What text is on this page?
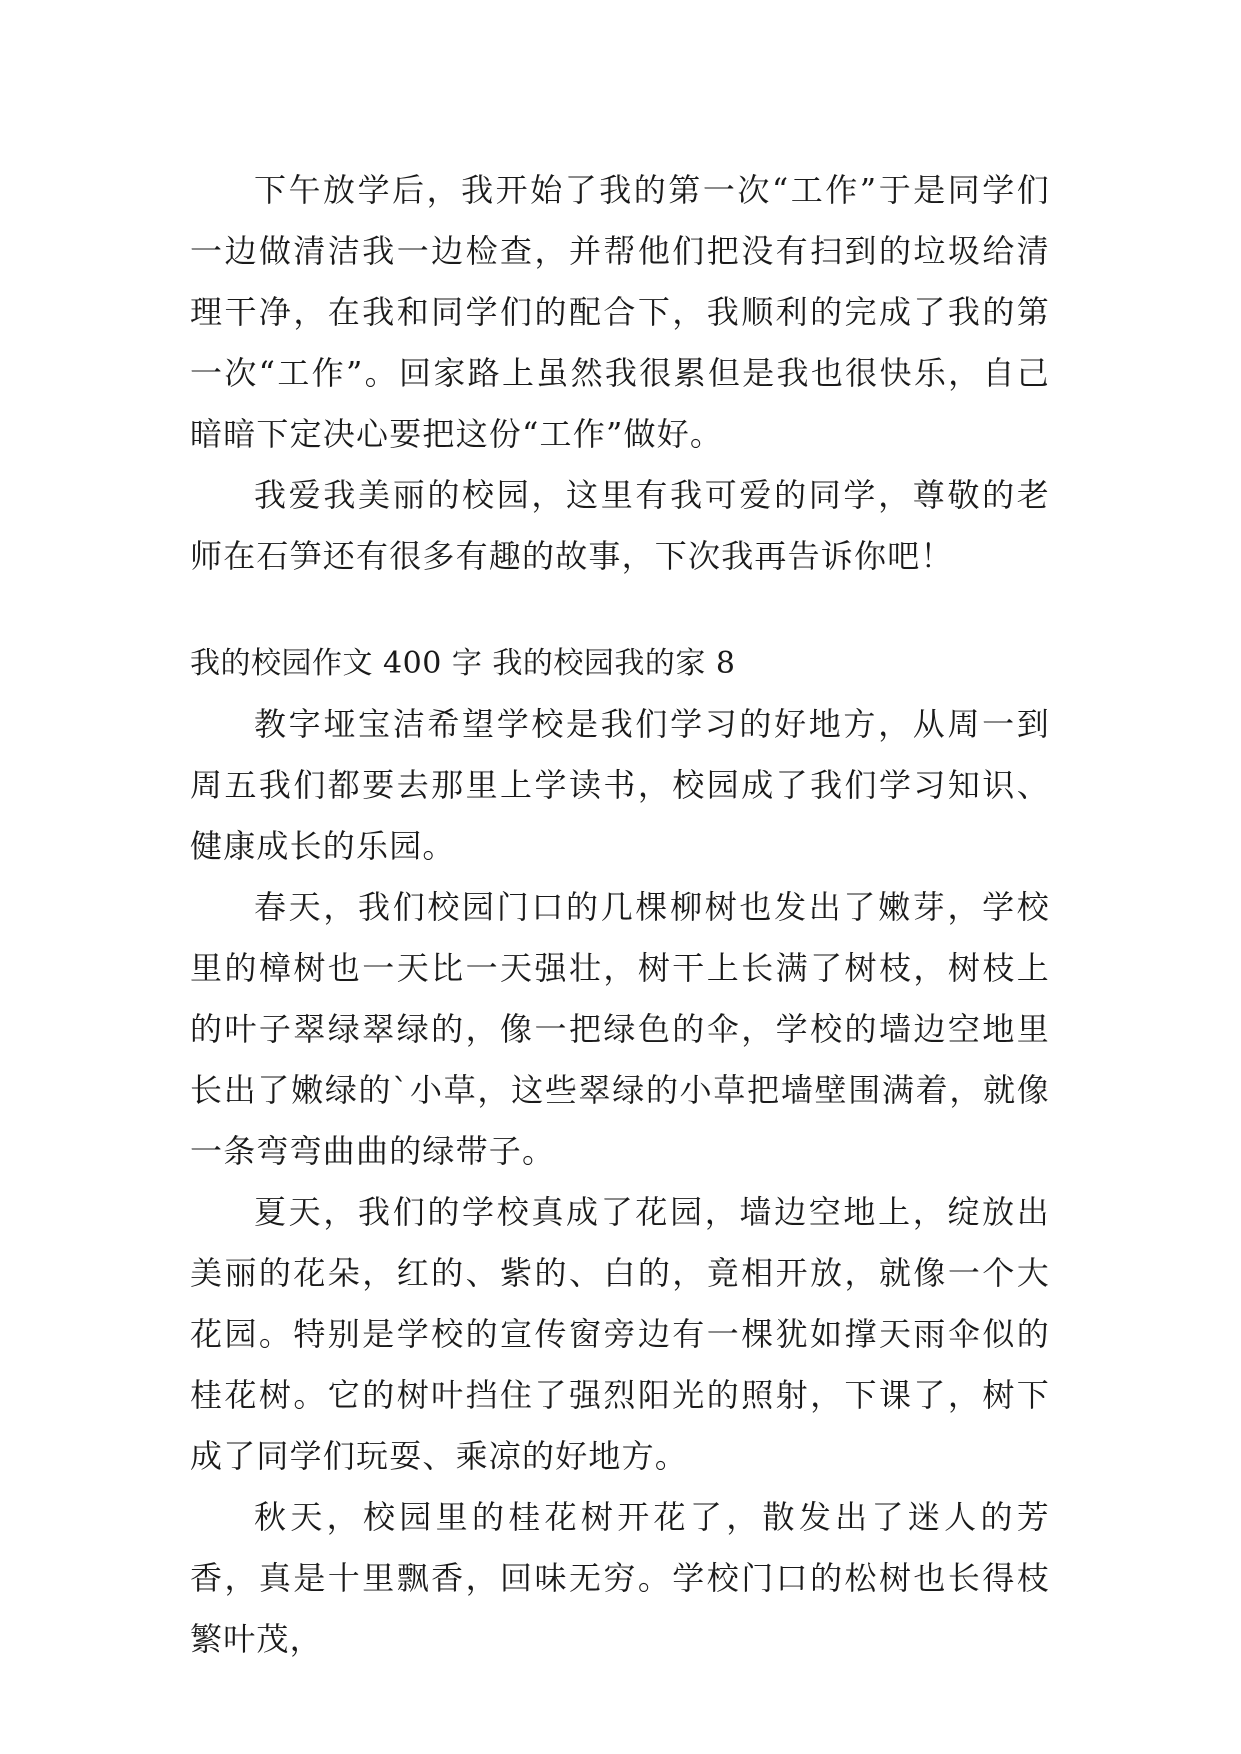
下午放学后，我开始了我的第一次“工作”于是同学们一边做清洁我一边检查，并帮他们把没有扫到的垃圾给清理干净，在我和同学们的配合下，我顺利的完成了我的第一次“工作”。回家路上虽然我很累但是我也很快乐，自己暗暗下定决心要把这份“工作”做好。

我爱我美丽的校园，这里有我可爱的同学，尊敬的老师在石笋还有很多有趣的故事，下次我再告诉你吧！

我的校园作文 400 字 我的校园我的家 8

教字垭宝洁希望学校是我们学习的好地方，从周一到周五我们都要去那里上学读书，校园成了我们学习知识、健康成长的乐园。

春天，我们校园门口的几棵柳树也发出了嫩芽，学校里的樟树也一天比一天强壮，树干上长满了树枝，树枝上的叶子翠绿翠绿的，像一把绿色的伞，学校的墙边空地里长出了嫩绿的`小草，这些翠绿的小草把墙壁围满着，就像一条弯弯曲曲的绿带子。

夏天，我们的学校真成了花园，墙边空地上，绽放出美丽的花朵，红的、紫的、白的，竟相开放，就像一个大花园。特别是学校的宣传窗旁边有一棵犹如撑天雨伞似的桂花树。它的树叶挡住了强烈阳光的照射，下课了，树下成了同学们玩耍、乘凉的好地方。

秋天，校园里的桂花树开花了，散发出了迷人的芳香，真是十里飘香，回味无穷。学校门口的松树也长得枝繁叶茂，
